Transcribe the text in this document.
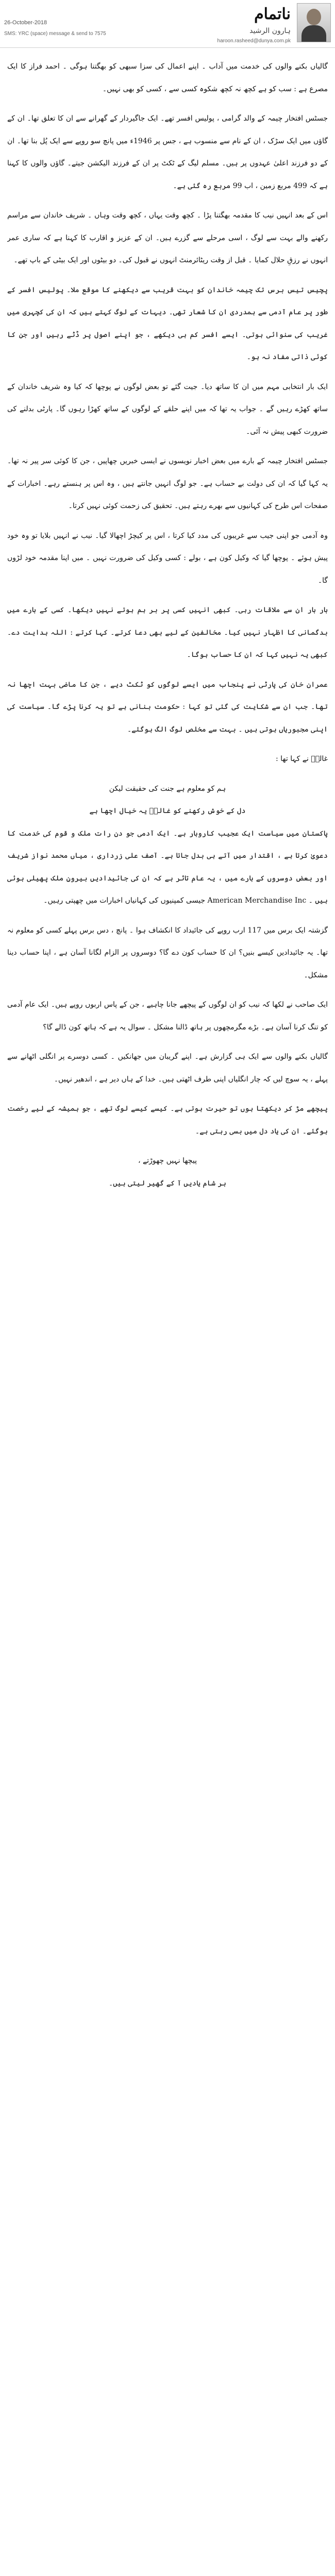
ناتمام
ہارون الرشید
26-October-2018
SMS: YRC (space) message & send to 7575
haroon.rasheed@dunya.com.pk

گالیاں بکنے والوں کی خدمت میں آداب ۔ اپنے اعمال کی سزا سبھی کو بھگتنا ہوگی ۔ احمد فراز کا ایک مصرع ہے : سب کو ہے کچھ نہ کچھ شکوہ کسی سے ، کسی کو بھی نہیں۔

جسٹس افتخار چیمہ کے والد گرامی ، پولیس افسر تھے۔ ایک جاگیردار کے گھرانے سے ان کا تعلق تھا۔ ان کے گاؤں میں ایک سڑک ، ان کے نام سے منسوب ہے ، جس پر 1946ء میں پانچ سو روپے سے ایک پُل بنا تھا۔ ان کے دو فرزند اعلیٰ عہدوں پر ہیں۔ مسلم لیگ کے ٹکٹ پر ان کے فرزند الیکشن جیتے۔ گاؤں والوں کا کہنا ہے کہ 499 مربع زمین ، اب 99 مربع رہ گئی ہے۔

اس کے بعد انہیں نیب کا مقدمہ بھگتنا پڑا ۔ کچھ وقت یہاں ، کچھ وقت وہاں ۔ شریف خاندان سے مراسم رکھنے والے بہت سے لوگ ، اسی مرحلے سے گزرے ہیں۔ ان کے عزیز و اقارب کا کہنا ہے کہ ساری عمر انہوں نے رزقِ حلال کمایا ۔ قبل از وقت ریٹائرمنٹ انہوں نے قبول کی۔ دو بیٹوں اور ایک بیٹی کے باپ تھے۔

پچیس تیس برس تک چیمہ خاندان کو بہت قریب سے دیکھنے کا موقع ملا۔ پولیس افسر کے طور پر عام آدمی سے ہمدردی ان کا شعار تھی۔ دیہات کے لوگ کہتے ہیں کہ ان کی کچہری میں غریب کی سنوائی ہوتی۔ ایسے افسر کم ہی دیکھے ، جو اپنے اصول پر ڈٹے رہیں اور جن کا کوئی ذاتی مفاد نہ ہو۔

ایک بار انتخابی مہم میں ان کا ساتھ دیا۔ جیت گئے تو بعض لوگوں نے پوچھا کہ کیا وہ شریف خاندان کے ساتھ کھڑے رہیں گے ۔ جواب یہ تھا کہ میں اپنے حلقے کے لوگوں کے ساتھ کھڑا رہوں گا۔ پارٹی بدلنے کی ضرورت کبھی پیش نہ آئی۔

جسٹس افتخار چیمہ کے بارے میں بعض اخبار نویسوں نے ایسی خبریں چھاپیں ، جن کا کوئی سر پیر نہ تھا۔ یہ کہا گیا کہ ان کی دولت بے حساب ہے۔ جو لوگ انہیں جانتے ہیں ، وہ اس پر ہنستے رہے۔ اخبارات کے صفحات اس طرح کی کہانیوں سے بھرے رہتے ہیں۔ تحقیق کی زحمت کوئی نہیں کرتا۔

وہ آدمی جو اپنی جیب سے غریبوں کی مدد کیا کرتا ، اس پر کیچڑ اچھالا گیا۔ نیب نے انہیں بلایا تو وہ خود پیش ہوئے ۔ پوچھا گیا کہ وکیل کون ہے ، بولے : کسی وکیل کی ضرورت نہیں ۔ میں اپنا مقدمہ خود لڑوں گا۔

بار بار ان سے ملاقات رہی۔ کبھی انہیں کسی پر بر ہم ہوتے نہیں دیکھا۔ کسی کے بارے میں بدگمانی کا اظہار نہیں کیا۔ مخالفین کے لیے بھی دعا کرتے۔ کہا کرتے : اللہ ہدایت دے۔ کبھی یہ نہیں کہا کہ ان کا حساب ہوگا۔

عمران خان کی پارٹی نے پنجاب میں ایسے لوگوں کو ٹکٹ دیے ، جن کا ماضی بہت اچھا نہ تھا۔ جب ان سے شکایت کی گئی تو کہا : حکومت بنانی ہے تو یہ کرنا پڑے گا۔ سیاست کی اپنی مجبوریاں ہوتی ہیں ۔ بہت سے مخلص لوگ الگ ہوگئے۔

غالبؔ نے کہا تھا :

ہم کو معلوم ہے جنت کی حقیقت لیکن

دل کے خوش رکھنے کو غالبؔ یہ خیال اچھا ہے

پاکستان میں سیاست ایک عجیب کاروبار ہے۔ ایک آدمی جو دن رات ملک و قوم کی خدمت کا دعویٰ کرتا ہے ، اقتدار میں آتے ہی بدل جاتا ہے۔ آصف علی زرداری ، میاں محمد نواز شریف اور بعض دوسروں کے بارے میں ، یہ عام تاثر ہے کہ ان کی جائیدادیں بیرونِ ملک پھیلی ہوئی ہیں ۔ American Merchandise Inc جیسی کمپنیوں کی کہانیاں اخبارات میں چھپتی رہیں۔

گزشتہ ایک برس میں 117 ارب روپے کی جائیداد کا انکشاف ہوا ۔ پانچ ، دس برس پہلے کسی کو معلوم نہ تھا۔ یہ جائیدادیں کیسے بنیں؟ ان کا حساب کون دے گا؟ دوسروں پر الزام لگانا آسان ہے ، اپنا حساب دینا مشکل۔

ایک صاحب نے لکھا کہ نیب کو ان لوگوں کے پیچھے جانا چاہیے ، جن کے پاس اربوں روپے ہیں۔ ایک عام آدمی کو تنگ کرنا آسان ہے۔ بڑے مگرمچھوں پر ہاتھ ڈالنا مشکل ۔ سوال یہ ہے کہ ہاتھ کون ڈالے گا؟

گالیاں بکنے والوں سے ایک ہی گزارش ہے۔ اپنے گریبان میں جھانکیں ۔ کسی دوسرے پر انگلی اٹھانے سے پہلے ، یہ سوچ لیں کہ چار انگلیاں اپنی طرف اٹھتی ہیں۔ خدا کے ہاں دیر ہے ، اندھیر نہیں۔

پیچھے مڑ کر دیکھتا ہوں تو حیرت ہوتی ہے۔ کیسے کیسے لوگ تھے ، جو ہمیشہ کے لیے رخصت ہوگئے۔ ان کی یاد دل میں بسی رہتی ہے۔

پیچھا نہیں چھوڑتے ،

ہر شام یادیں آ کے گھیر لیتی ہیں۔
